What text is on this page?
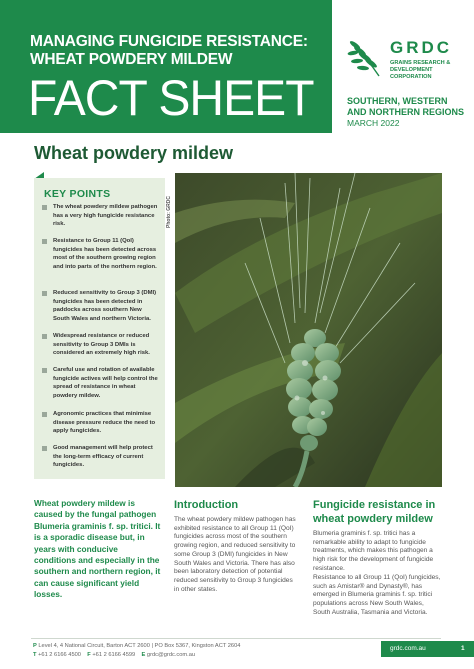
MANAGING FUNGICIDE RESISTANCE:
WHEAT POWDERY MILDEW
FACT SHEET
GRDC
GRAINS RESEARCH & DEVELOPMENT CORPORATION
SOUTHERN, WESTERN
AND NORTHERN REGIONS
MARCH 2022
Wheat powdery mildew
KEY POINTS
The wheat powdery mildew pathogen has a very high fungicide resistance risk.
Resistance to Group 11 (QoI) fungicides has been detected across most of the southern growing region and into parts of the northern region.
Reduced sensitivity to Group 3 (DMI) fungicides has been detected in paddocks across southern New South Wales and northern Victoria.
Widespread resistance or reduced sensitivity to Group 3 DMIs is considered an extremely high risk.
Careful use and rotation of available fungicide actives will help control the spread of resistance in wheat powdery mildew.
Agronomic practices that minimise disease pressure reduce the need to apply fungicides.
Good management will help protect the long-term efficacy of current fungicides.
Photo: GRDC
Wheat powdery mildew is caused by the fungal pathogen Blumeria graminis f. sp. tritici. It is a sporadic disease but, in years with conducive conditions and especially in the southern and northern region, it can cause significant yield losses.
Introduction
The wheat powdery mildew pathogen has exhibited resistance to all Group 11 (QoI) fungicides across most of the southern growing region, and reduced sensitivity to some Group 3 (DMI) fungicides in New South Wales and Victoria. There has also been laboratory detection of potential reduced sensitivity to Group 3 fungicides in other states.
Fungicide resistance in wheat powdery mildew
Blumeria graminis f. sp. tritici has a remarkable ability to adapt to fungicide treatments, which makes this pathogen a high risk for the development of fungicide resistance.
Resistance to all Group 11 (QoI) fungicides, such as Amistar® and Dynasty®, has emerged in Blumeria graminis f. sp. tritici populations across New South Wales, South Australia, Tasmania and Victoria.
P Level 4, 4 National Circuit, Barton ACT 2600 | PO Box 5367, Kingston ACT 2604
T +61 2 6166 4500 F +61 2 6166 4599 E grdc@grdc.com.au
grdc.com.au	1
